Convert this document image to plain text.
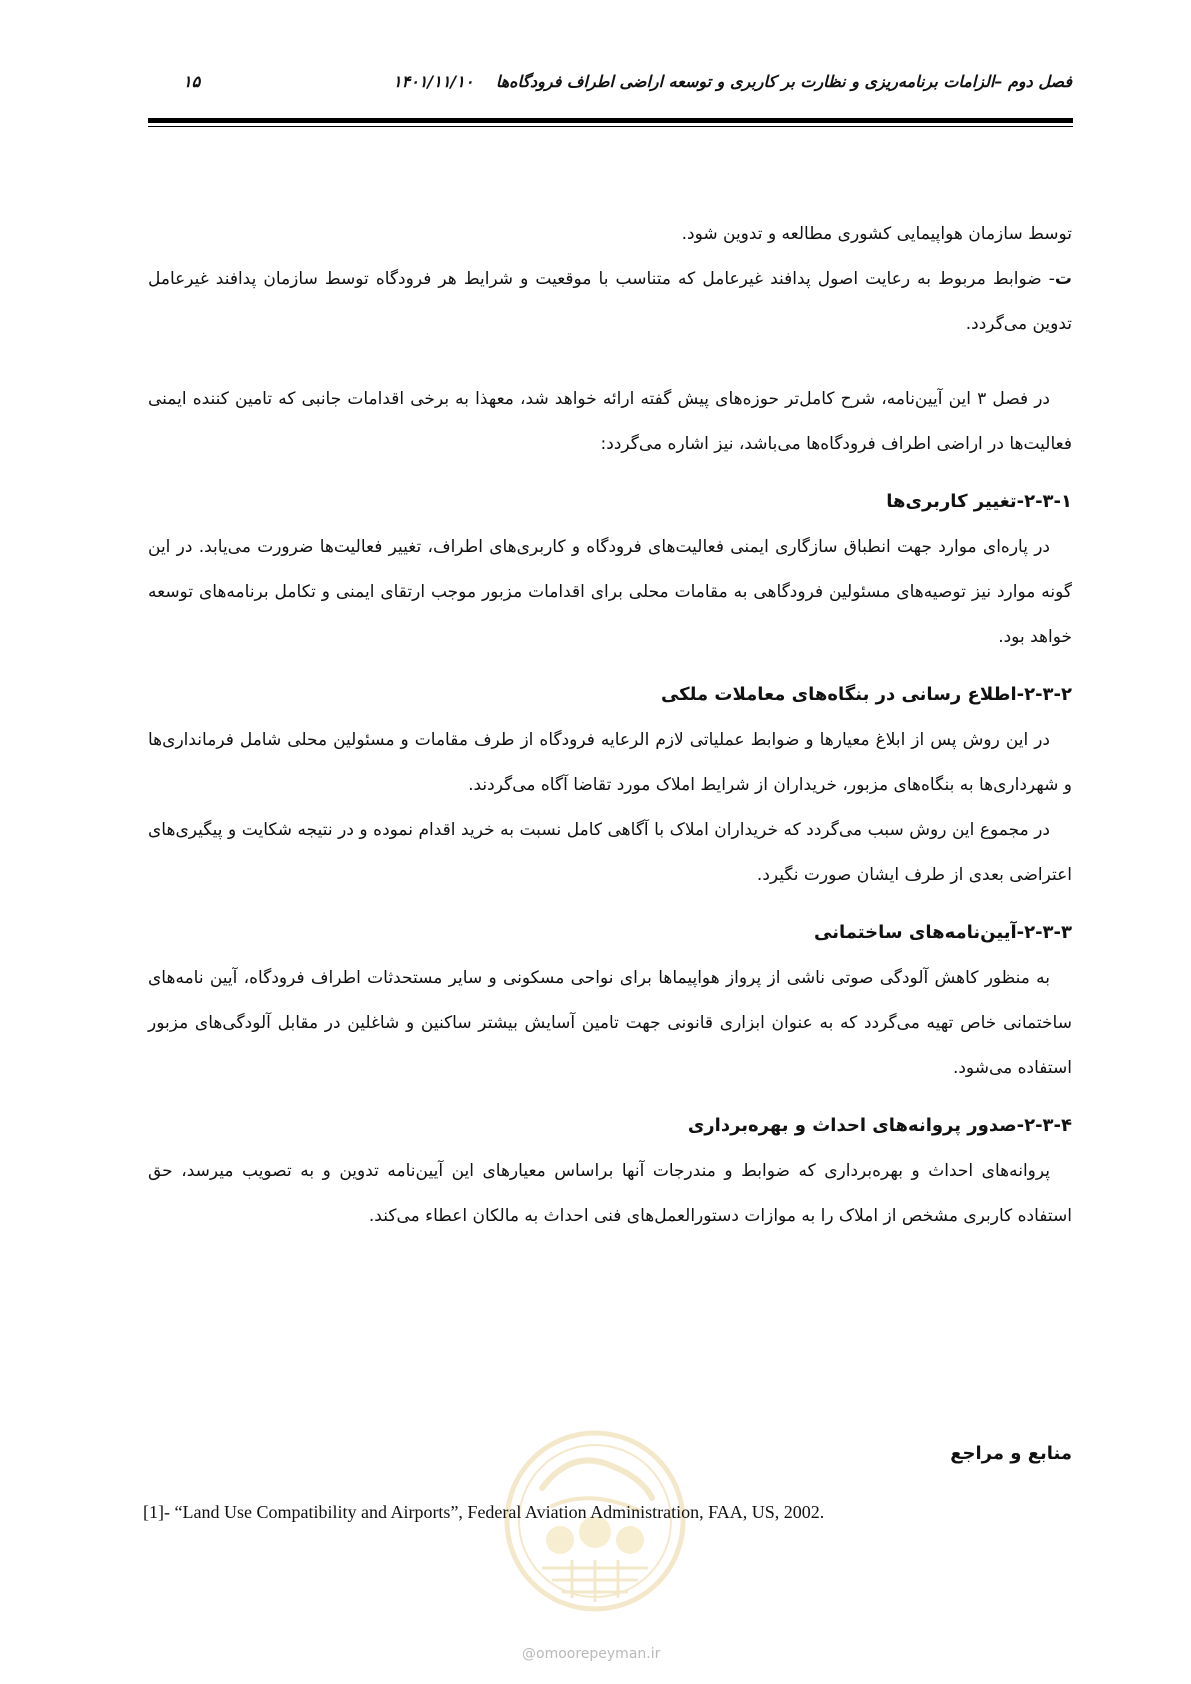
فصل دوم –الزامات برنامه‌ریزی و نظارت بر کاربری و توسعه اراضی اطراف فرودگاه‌ها
۱۴۰۱/۱۱/۱۰
۱۵

توسط سازمان هواپیمایی کشوری مطالعه و تدوین شود.

ت- ضوابط مربوط به رعایت اصول پدافند غیرعامل که متناسب با موقعیت و شرایط هر فرودگاه توسط سازمان پدافند غیرعامل تدوین می‌گردد.

در فصل ۳ این آیین‌نامه، شرح کامل‌تر حوزه‌های پیش گفته ارائه خواهد شد، معهذا به برخی اقدامات جانبی که تامین کننده ایمنی فعالیت‌ها در اراضی اطراف فرودگاه‌ها می‌باشد، نیز اشاره می‌گردد:

۲-۳-۱-تغییر کاربری‌ها

در پاره‌ای موارد جهت انطباق سازگاری ایمنی فعالیت‌های فرودگاه و کاربری‌های اطراف، تغییر فعالیت‌ها ضرورت می‌یابد. در این گونه موارد نیز توصیه‌های مسئولین فرودگاهی به مقامات محلی برای اقدامات مزبور موجب ارتقای ایمنی و تکامل برنامه‌های توسعه خواهد بود.

۲-۳-۲-اطلاع رسانی در بنگاه‌های معاملات ملکی

در این روش پس از ابلاغ معیارها و ضوابط عملیاتی لازم الرعایه فرودگاه از طرف مقامات و مسئولین محلی شامل فرمانداری‌ها و شهرداری‌ها به بنگاه‌های مزبور، خریداران از شرایط املاک مورد تقاضا آگاه می‌گردند.

در مجموع این روش سبب می‌گردد که خریداران املاک با آگاهی کامل نسبت به خرید اقدام نموده و در نتیجه شکایت و پیگیری‌های اعتراضی بعدی از طرف ایشان صورت نگیرد.

۲-۳-۳-آیین‌نامه‌های ساختمانی

به منظور کاهش آلودگی صوتی ناشی از پرواز هواپیماها برای نواحی مسکونی و سایر مستحدثات اطراف فرودگاه، آیین نامه‌های ساختمانی خاص تهیه می‌گردد که به عنوان ابزاری قانونی جهت تامین آسایش بیشتر ساکنین و شاغلین در مقابل آلودگی‌های مزبور استفاده می‌شود.

۲-۳-۴-صدور پروانه‌های احداث و بهره‌برداری

پروانه‌های احداث و بهره‌برداری که ضوابط و مندرجات آنها براساس معیارهای این آیین‌نامه تدوین و به تصویب میرسد، حق استفاده کاربری مشخص از املاک را به موازات دستورالعمل‌های فنی احداث به مالکان اعطاء می‌کند.

منابع و مراجع
[1]- “Land Use Compatibility and Airports”, Federal Aviation Administration, FAA, US, 2002.
@omoorepeyman.ir
